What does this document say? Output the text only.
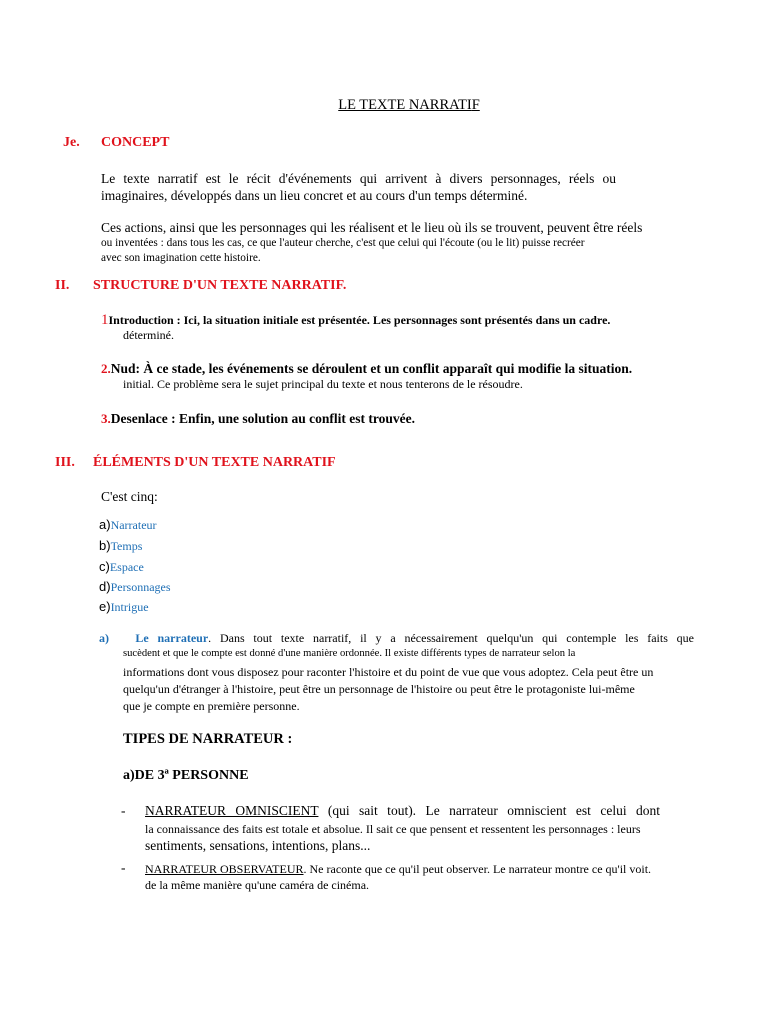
LE TEXTE NARRATIF
Je. CONCEPT
Le texte narratif est le récit d'événements qui arrivent à divers personnages, réels ou
imaginaires, développés dans un lieu concret et au cours d'un temps déterminé.
Ces actions, ainsi que les personnages qui les réalisent et le lieu où ils se trouvent, peuvent être réels
ou inventées : dans tous les cas, ce que l'auteur cherche, c'est que celui qui l'écoute (ou le lit) puisse recréer
avec son imagination cette histoire.
II. STRUCTURE D'UN TEXTE NARRATIF.
1Introduction : Ici, la situation initiale est présentée. Les personnages sont présentés dans un cadre.
déterminé.
2.Nud: À ce stade, les événements se déroulent et un conflit apparaît qui modifie la situation.
initial. Ce problème sera le sujet principal du texte et nous tenterons de le résoudre.
3.Desenlace : Enfin, une solution au conflit est trouvée.
III. ÉLÉMENTS D'UN TEXTE NARRATIF
C'est cinq:
a)Narrateur
b)Temps
c)Espace
d)Personnages
e)Intrigue
a)   Le narrateur. Dans tout texte narratif, il y a nécessairement quelqu'un qui contemple les faits que
sucèdent et que le compte est donné d'une manière ordonnée. Il existe différents types de narrateur selon la
informations dont vous disposez pour raconter l'histoire et du point de vue que vous adoptez. Cela peut être un
quelqu'un d'étranger à l'histoire, peut être un personnage de l'histoire ou peut être le protagoniste lui-même
que je compte en première personne.
TIPES DE NARRATEUR :
a)DE 3ª PERSONNE
- NARRATEUR OMNISCIENT (qui sait tout). Le narrateur omniscient est celui dont
la connaissance des faits est totale et absolue. Il sait ce que pensent et ressentent les personnages : leurs
sentiments, sensations, intentions, plans...
- NARRATEUR OBSERVATEUR. Ne raconte que ce qu'il peut observer. Le narrateur montre ce qu'il voit.
de la même manière qu'une caméra de cinéma.
